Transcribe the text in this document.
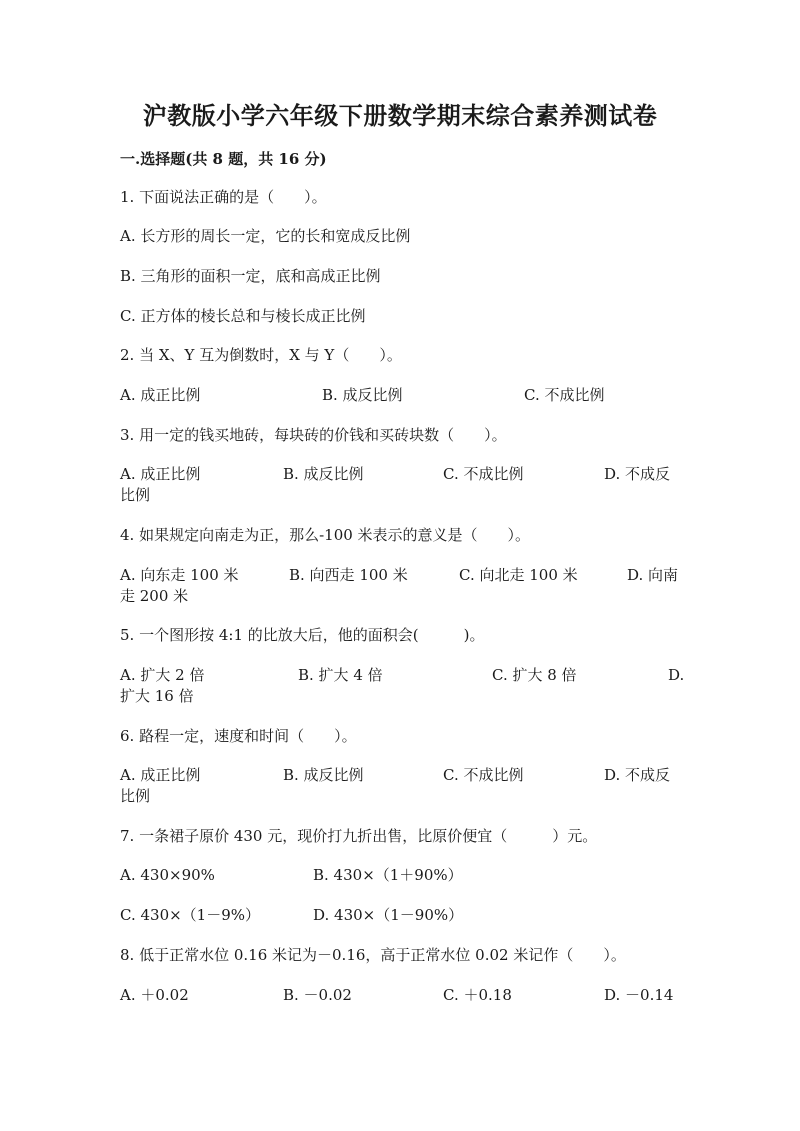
沪教版小学六年级下册数学期末综合素养测试卷
一.选择题(共 8 题，共 16 分)
1. 下面说法正确的是（　　）。
A. 长方形的周长一定，它的长和宽成反比例
B. 三角形的面积一定，底和高成正比例
C. 正方体的棱长总和与棱长成正比例
2. 当 X、Y 互为倒数时，X 与 Y（　　）。
A. 成正比例	B. 成反比例	C. 不成比例
3. 用一定的钱买地砖，每块砖的价钱和买砖块数（　　）。
A. 成正比例	B. 成反比例	C. 不成比例	D. 不成反
比例
4. 如果规定向南走为正，那么-100 米表示的意义是（　　）。
A. 向东走 100 米	B. 向西走 100 米	C. 向北走 100 米	D. 向南
走 200 米
5. 一个图形按 4:1 的比放大后，他的面积会(　　　)。
A. 扩大 2 倍	B. 扩大 4 倍	C. 扩大 8 倍	D.
扩大 16 倍
6. 路程一定，速度和时间（　　）。
A. 成正比例	B. 成反比例	C. 不成比例	D. 不成反
比例
7. 一条裙子原价 430 元，现价打九折出售，比原价便宜（　　　）元。
A. 430×90%	B. 430×（1＋90%）
C. 430×（1－9%）	D. 430×（1－90%）
8. 低于正常水位 0.16 米记为－0.16，高于正常水位 0.02 米记作（　　）。
A. ＋0.02	B. －0.02	C. ＋0.18	D. －0.14
